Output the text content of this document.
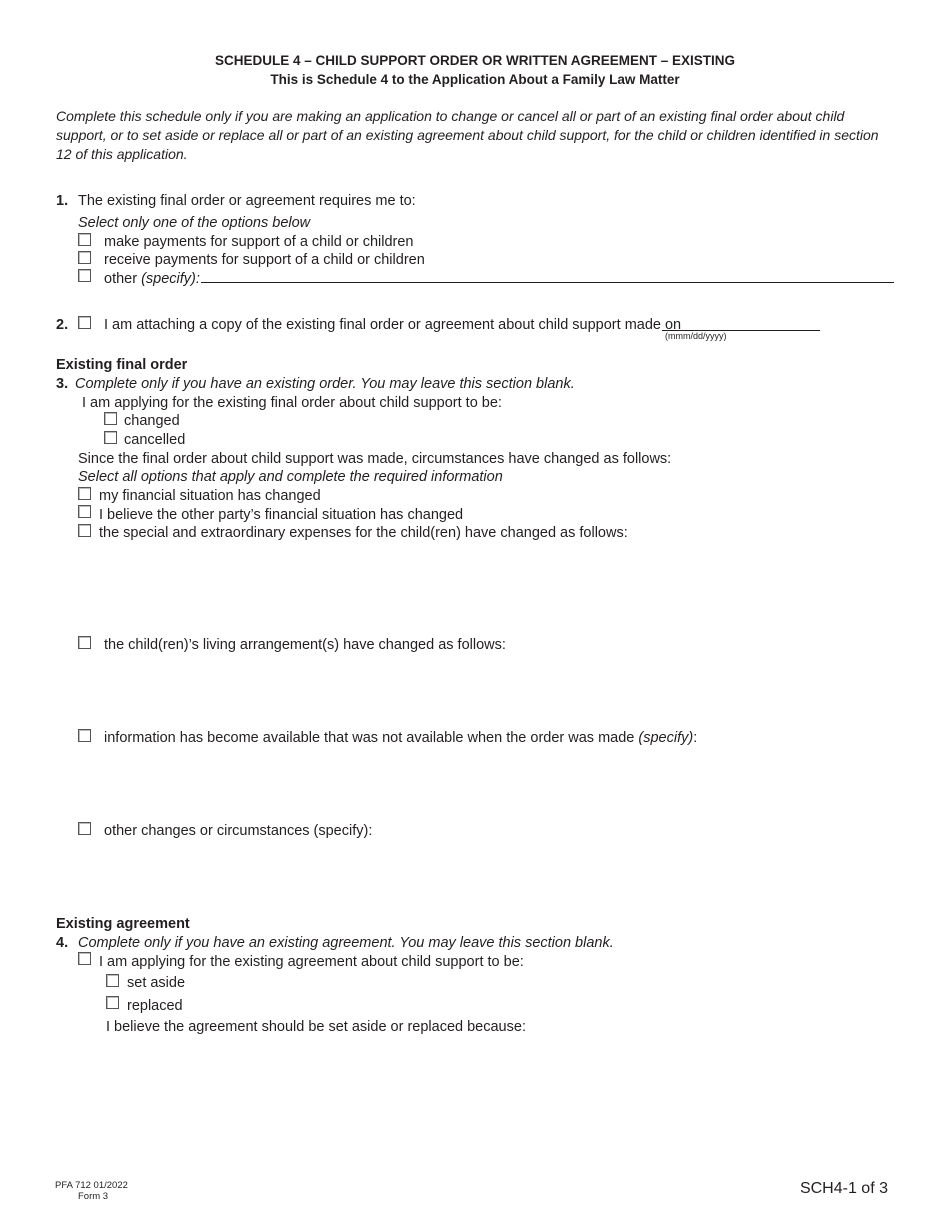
SCHEDULE 4 – CHILD SUPPORT ORDER OR WRITTEN AGREEMENT – EXISTING
This is Schedule 4 to the Application About a Family Law Matter
Complete this schedule only if you are making an application to change or cancel all or part of an existing final order about child support, or to set aside or replace all or part of an existing agreement about child support, for the child or children identified in section 12 of this application.
1. The existing final order or agreement requires me to:
Select only one of the options below
make payments for support of a child or children
receive payments for support of a child or children
other (specify):
2. I am attaching a copy of the existing final order or agreement about child support made on
(mmm/dd/yyyy)
Existing final order
3. Complete only if you have an existing order. You may leave this section blank.
I am applying for the existing final order about child support to be:
changed
cancelled
Since the final order about child support was made, circumstances have changed as follows:
Select all options that apply and complete the required information
my financial situation has changed
I believe the other party’s financial situation has changed
the special and extraordinary expenses for the child(ren) have changed as follows:
the child(ren)’s living arrangement(s) have changed as follows:
information has become available that was not available when the order was made (specify):
other changes or circumstances (specify):
Existing agreement
4. Complete only if you have an existing agreement. You may leave this section blank.
I am applying for the existing agreement about child support to be:
set aside
replaced
I believe the agreement should be set aside or replaced because:
PFA 712 01/2022
Form 3	SCH4-1 of 3
